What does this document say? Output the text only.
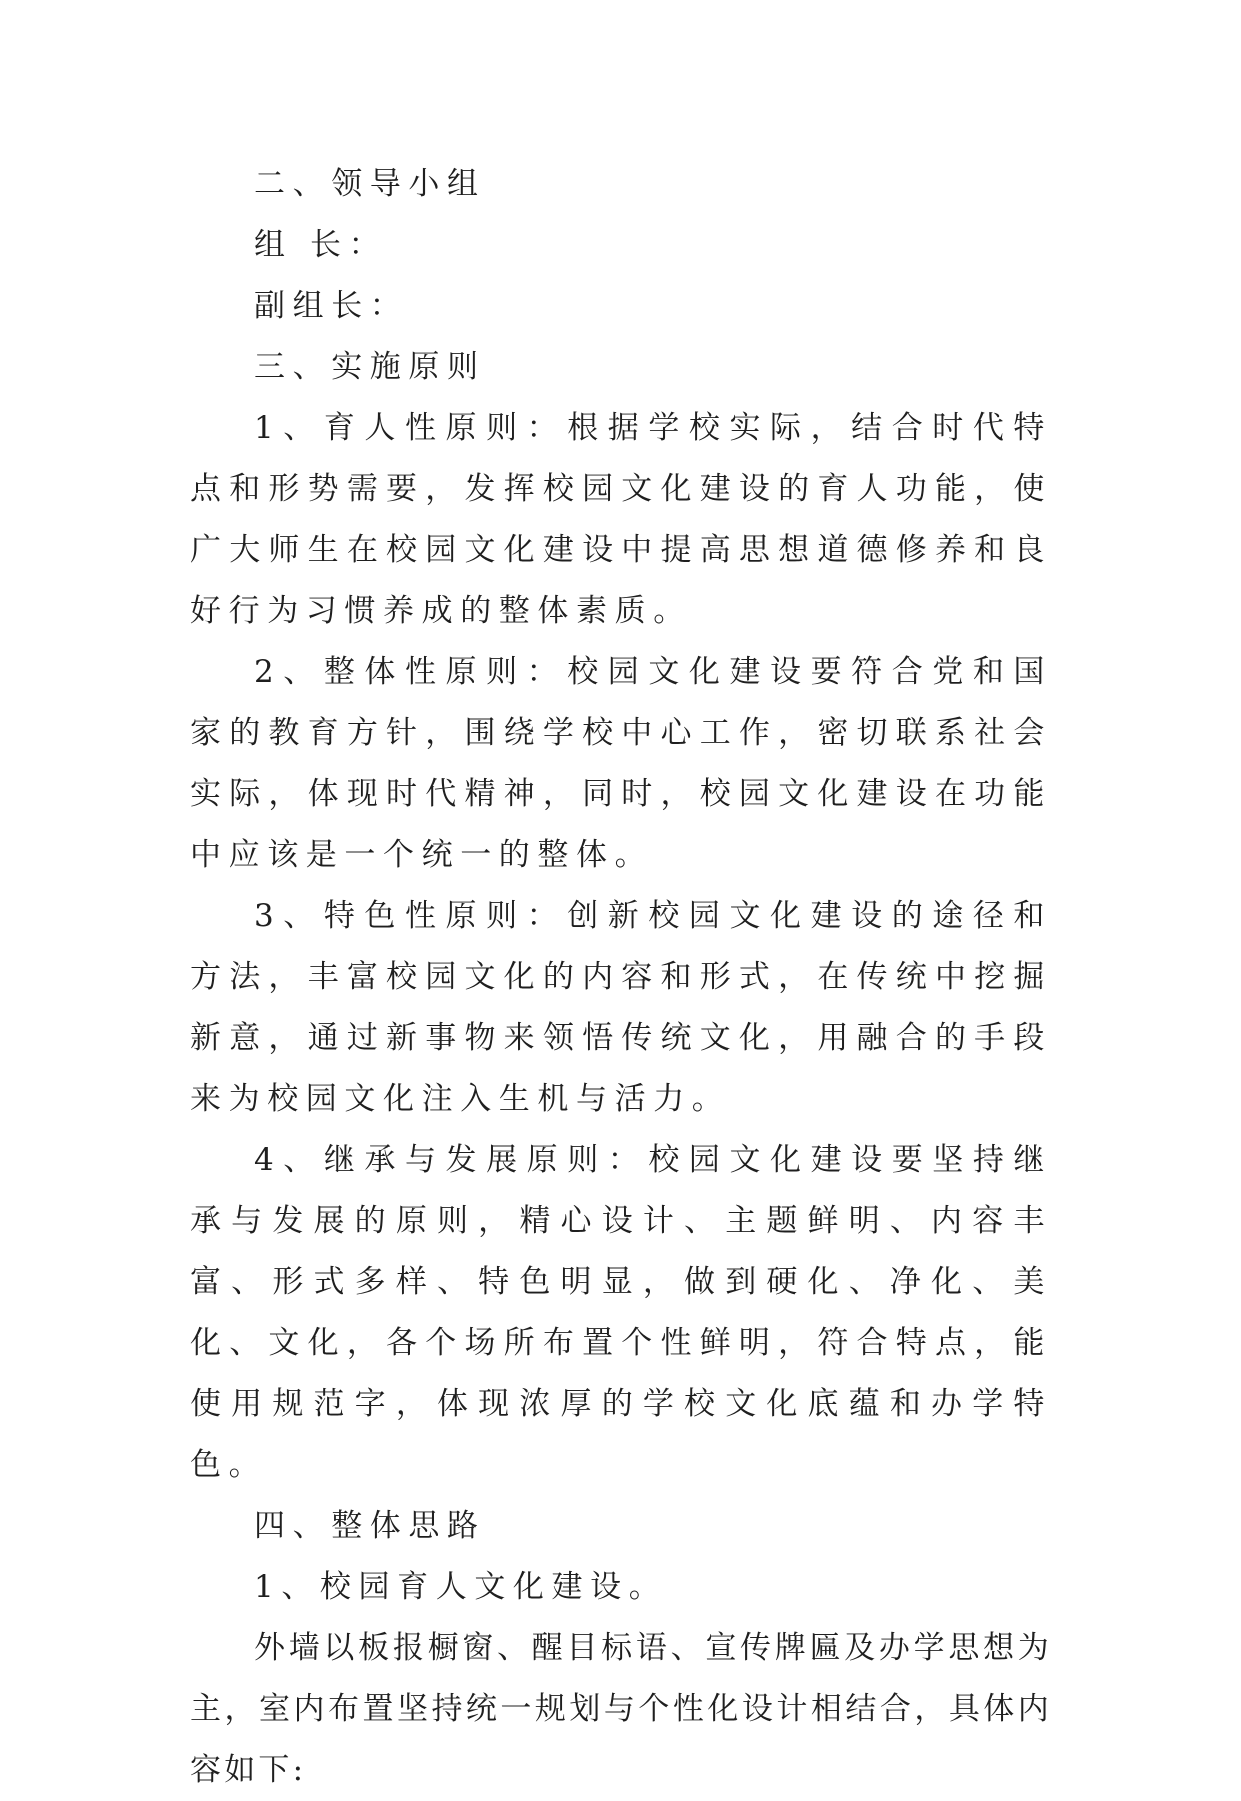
二、领导小组

组 长：

副组长：

三、实施原则

1、育人性原则：根据学校实际，结合时代特点和形势需要，发挥校园文化建设的育人功能，使广大师生在校园文化建设中提高思想道德修养和良好行为习惯养成的整体素质。

2、整体性原则：校园文化建设要符合党和国家的教育方针，围绕学校中心工作，密切联系社会实际，体现时代精神，同时，校园文化建设在功能中应该是一个统一的整体。

3、特色性原则：创新校园文化建设的途径和方法，丰富校园文化的内容和形式，在传统中挖掘新意，通过新事物来领悟传统文化，用融合的手段来为校园文化注入生机与活力。

4、继承与发展原则：校园文化建设要坚持继承与发展的原则，精心设计、主题鲜明、内容丰富、形式多样、特色明显，做到硬化、净化、美化、文化，各个场所布置个性鲜明，符合特点，能使用规范字，体现浓厚的学校文化底蕴和办学特色。

四、整体思路

1、校园育人文化建设。

外墙以板报橱窗、醒目标语、宣传牌匾及办学思想为主，室内布置坚持统一规划与个性化设计相结合，具体内容如下:
